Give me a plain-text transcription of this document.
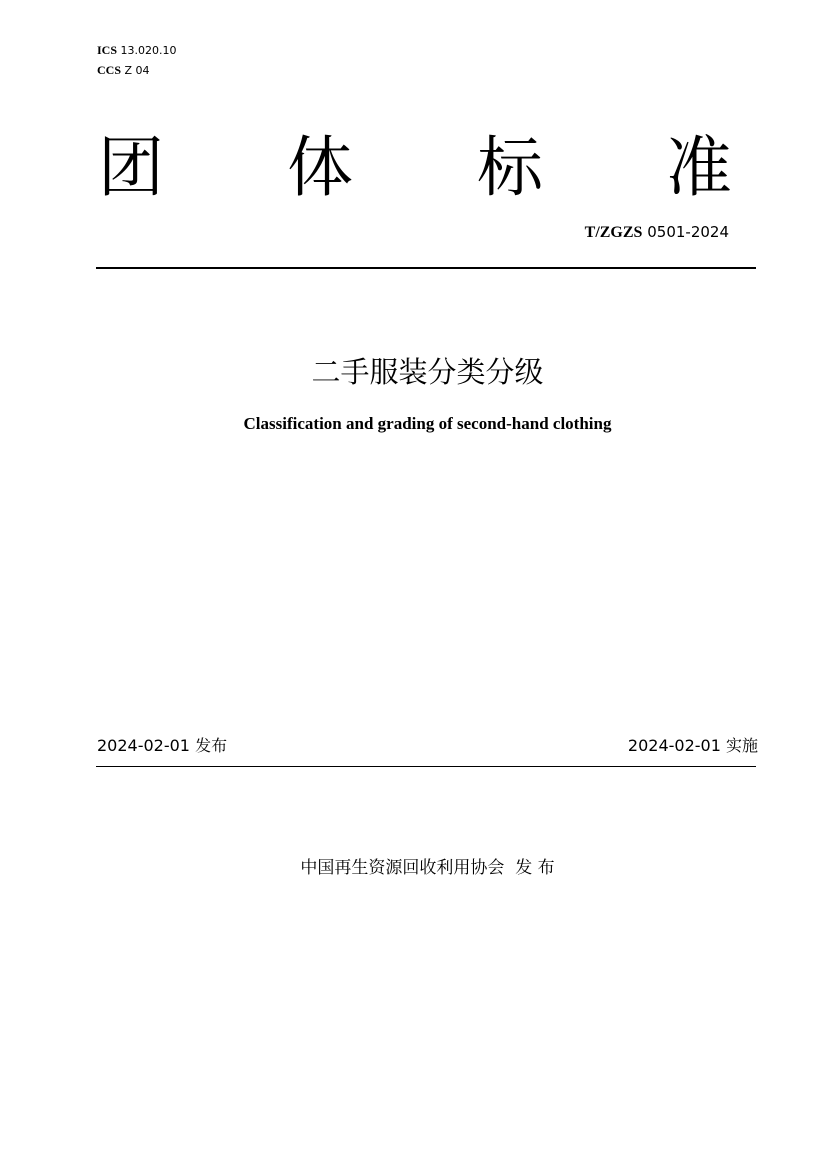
ICS 13.020.10
CCS Z 04
团 体 标 准
T/ZGZS 0501-2024
二手服装分类分级
Classification and grading of second-hand clothing
2024-02-01 发布	2024-02-01 实施
中国再生资源回收利用协会  发 布
